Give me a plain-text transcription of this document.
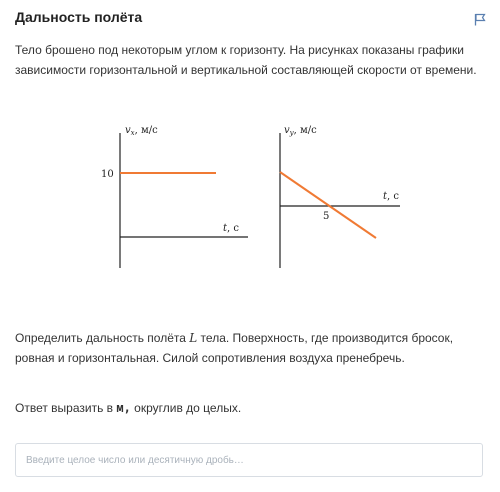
Дальность полёта
Тело брошено под некоторым углом к горизонту. На рисунках показаны графики зависимости горизонтальной и вертикальной составляющей скорости от времени.
$v_x$, м/с
10
t, с
$v_y$, м/с
t, с
5
Определить дальность полёта L тела. Поверхность, где производится бросок, ровная и горизонтальная. Силой сопротивления воздуха пренебречь.
Ответ выразить в м, округлив до целых.
Введите целое число или десятичную дробь…
